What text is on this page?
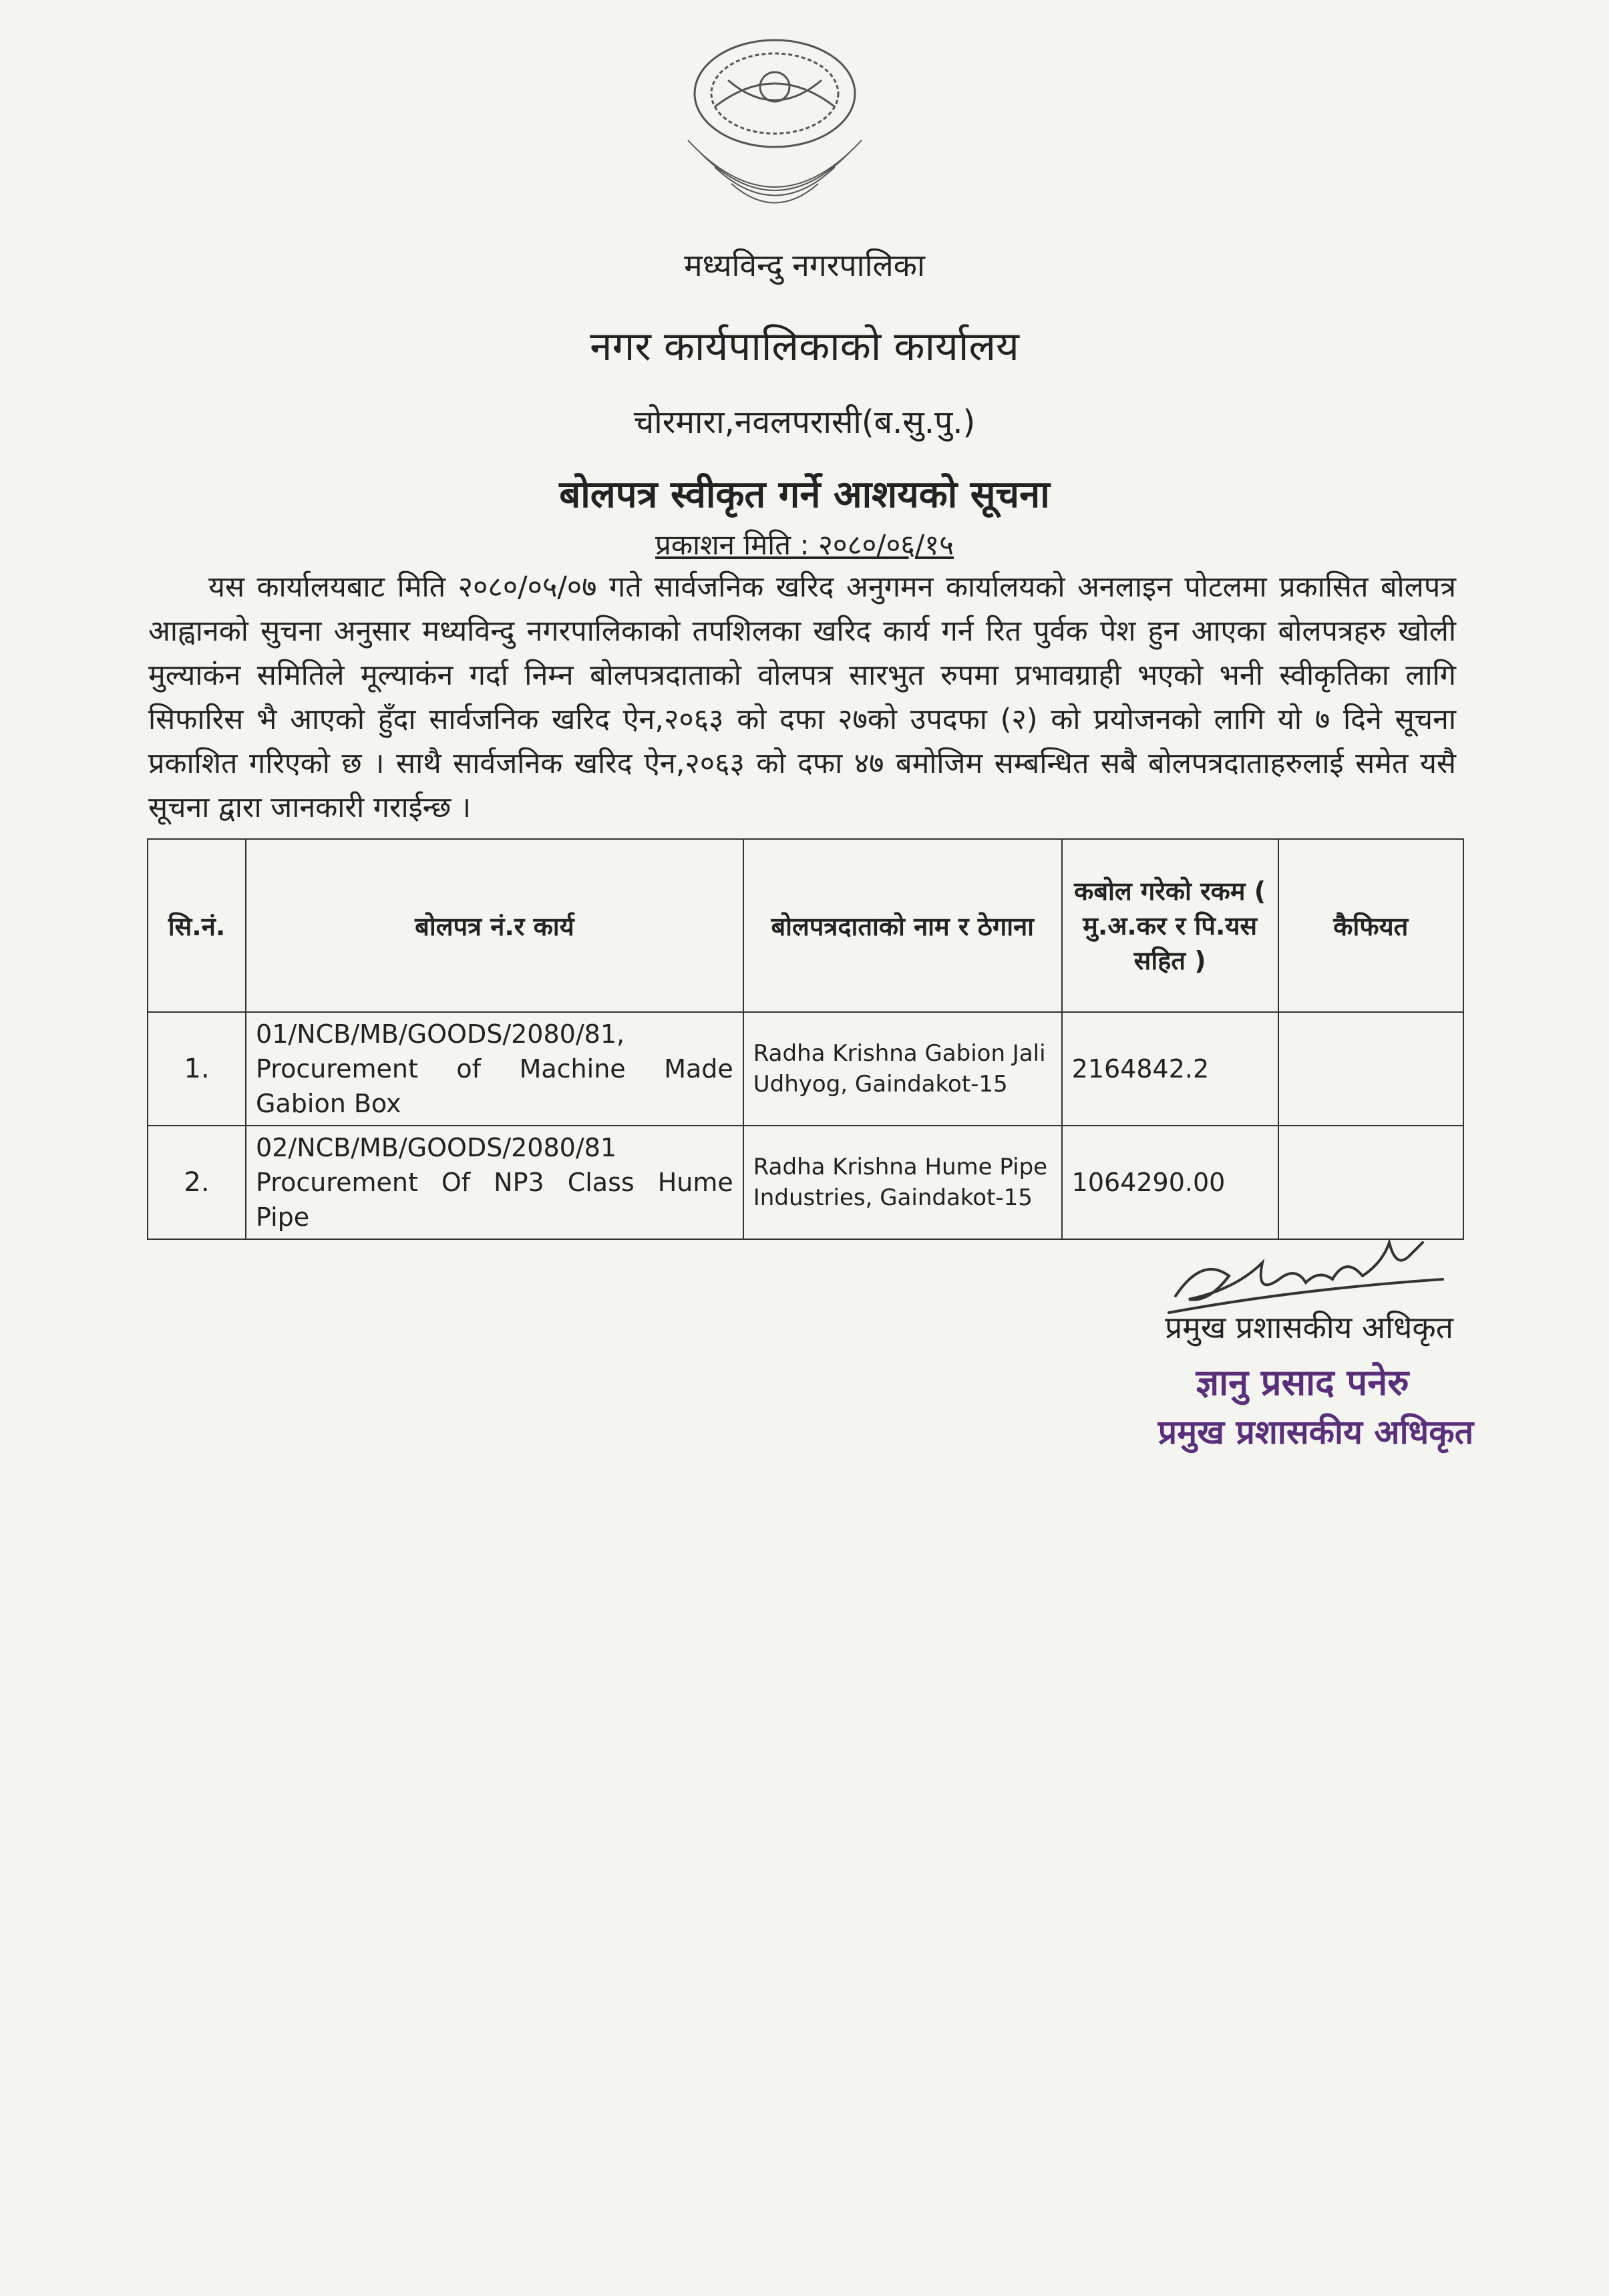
मध्यविन्दु नगरपालिका
नगर कार्यपालिकाको कार्यालय
चोरमारा,नवलपरासी(ब.सु.पु.)
बोलपत्र स्वीकृत गर्ने आशयको सूचना
प्रकाशन मिति : २०८०/०६/१५

यस कार्यालयबाट मिति २०८०/०५/०७ गते सार्वजनिक खरिद अनुगमन कार्यालयको अनलाइन पोटलमा प्रकासित बोलपत्र आह्वानको सुचना अनुसार मध्यविन्दु नगरपालिकाको तपशिलका खरिद कार्य गर्न रित पुर्वक पेश हुन आएका बोलपत्रहरु खोली मुल्याकंन समितिले मूल्याकंन गर्दा निम्न बोलपत्रदाताको वोलपत्र सारभुत रुपमा प्रभावग्राही भएको भनी स्वीकृतिका लागि सिफारिस भै आएको हुँदा सार्वजनिक खरिद ऐन,२०६३ को दफा २७को उपदफा (२) को प्रयोजनको लागि यो ७ दिने सूचना प्रकाशित गरिएको छ । साथै सार्वजनिक खरिद ऐन,२०६३ को दफा ४७ बमोजिम सम्बन्धित सबै बोलपत्रदाताहरुलाई समेत यसै सूचना द्वारा जानकारी गराईन्छ ।

सि.नं.	बोलपत्र नं.र कार्य	बोलपत्रदाताको नाम र ठेगाना	कबोल गरेको रकम ( मु.अ.कर र पि.यस सहित )	कैफियत
1.	01/NCB/MB/GOODS/2080/81, Procurement of Machine Made Gabion Box	Radha Krishna Gabion Jali Udhyog, Gaindakot-15	2164842.2	
2.	02/NCB/MB/GOODS/2080/81 Procurement Of NP3 Class Hume Pipe	Radha Krishna Hume Pipe Industries, Gaindakot-15	1064290.00	
प्रमुख प्रशासकीय अधिकृत
ज्ञानु प्रसाद पनेरु
प्रमुख प्रशासकीय अधिकृत
